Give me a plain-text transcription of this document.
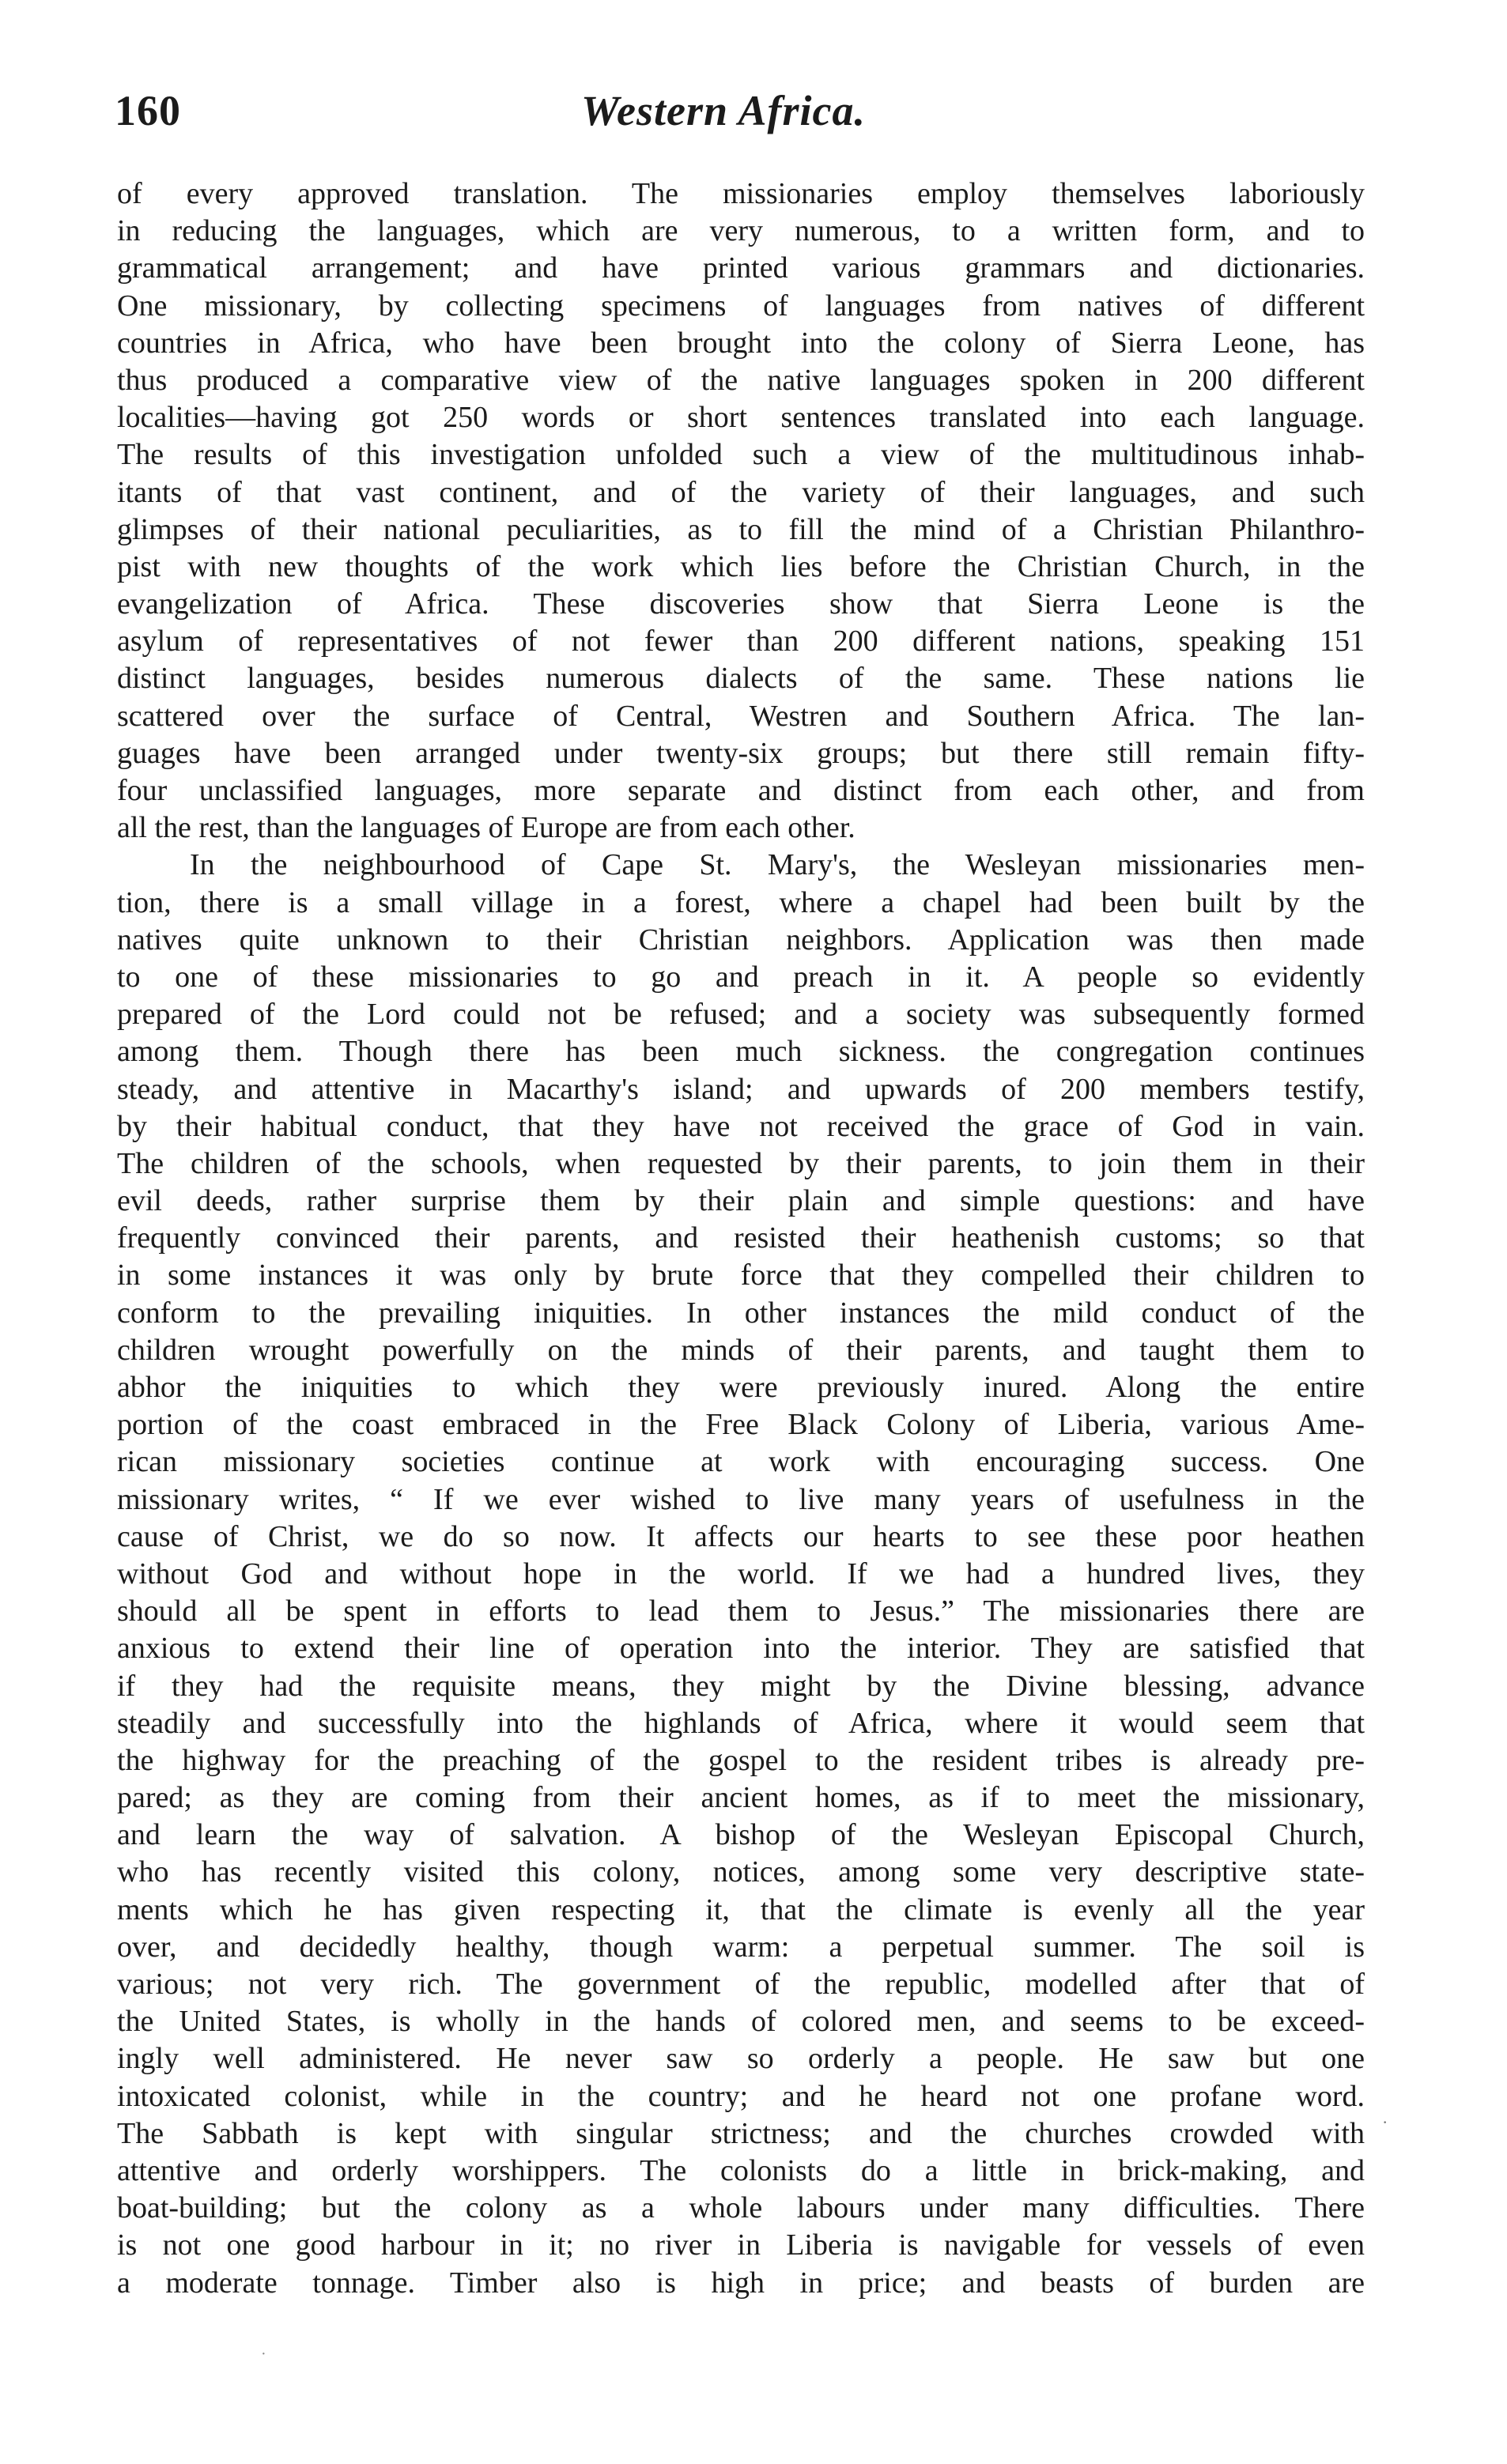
160	Western Africa.
of every approved translation. The missionaries employ themselves laboriously
in reducing the languages, which are very numerous, to a written form, and to
grammatical arrangement; and have printed various grammars and dictionaries.
One missionary, by collecting specimens of languages from natives of different
countries in Africa, who have been brought into the colony of Sierra Leone, has
thus produced a comparative view of the native languages spoken in 200 different
localities—having got 250 words or short sentences translated into each language.
The results of this investigation unfolded such a view of the multitudinous inhab-
itants of that vast continent, and of the variety of their languages, and such
glimpses of their national peculiarities, as to fill the mind of a Christian Philanthro-
pist with new thoughts of the work which lies before the Christian Church, in the
evangelization of Africa. These discoveries show that Sierra Leone is the
asylum of representatives of not fewer than 200 different nations, speaking 151
distinct languages, besides numerous dialects of the same. These nations lie
scattered over the surface of Central, Westren and Southern Africa. The lan-
guages have been arranged under twenty-six groups; but there still remain fifty-
four unclassified languages, more separate and distinct from each other, and from
all the rest, than the languages of Europe are from each other.
In the neighbourhood of Cape St. Mary's, the Wesleyan missionaries men-
tion, there is a small village in a forest, where a chapel had been built by the
natives quite unknown to their Christian neighbors. Application was then made
to one of these missionaries to go and preach in it. A people so evidently
prepared of the Lord could not be refused; and a society was subsequently formed
among them. Though there has been much sickness. the congregation continues
steady, and attentive in Macarthy's island; and upwards of 200 members testify,
by their habitual conduct, that they have not received the grace of God in vain.
The children of the schools, when requested by their parents, to join them in their
evil deeds, rather surprise them by their plain and simple questions: and have
frequently convinced their parents, and resisted their heathenish customs; so that
in some instances it was only by brute force that they compelled their children to
conform to the prevailing iniquities. In other instances the mild conduct of the
children wrought powerfully on the minds of their parents, and taught them to
abhor the iniquities to which they were previously inured. Along the entire
portion of the coast embraced in the Free Black Colony of Liberia, various Ame-
rican missionary societies continue at work with encouraging success. One
missionary writes, “ If we ever wished to live many years of usefulness in the
cause of Christ, we do so now. It affects our hearts to see these poor heathen
without God and without hope in the world. If we had a hundred lives, they
should all be spent in efforts to lead them to Jesus.” The missionaries there are
anxious to extend their line of operation into the interior. They are satisfied that
if they had the requisite means, they might by the Divine blessing, advance
steadily and successfully into the highlands of Africa, where it would seem that
the highway for the preaching of the gospel to the resident tribes is already pre-
pared; as they are coming from their ancient homes, as if to meet the missionary,
and learn the way of salvation. A bishop of the Wesleyan Episcopal Church,
who has recently visited this colony, notices, among some very descriptive state-
ments which he has given respecting it, that the climate is evenly all the year
over, and decidedly healthy, though warm: a perpetual summer. The soil is
various; not very rich. The government of the republic, modelled after that of
the United States, is wholly in the hands of colored men, and seems to be exceed-
ingly well administered. He never saw so orderly a people. He saw but one
intoxicated colonist, while in the country; and he heard not one profane word.
The Sabbath is kept with singular strictness; and the churches crowded with
attentive and orderly worshippers. The colonists do a little in brick-making, and
boat-building; but the colony as a whole labours under many difficulties. There
is not one good harbour in it; no river in Liberia is navigable for vessels of even
a moderate tonnage. Timber also is high in price; and beasts of burden are
·
·
